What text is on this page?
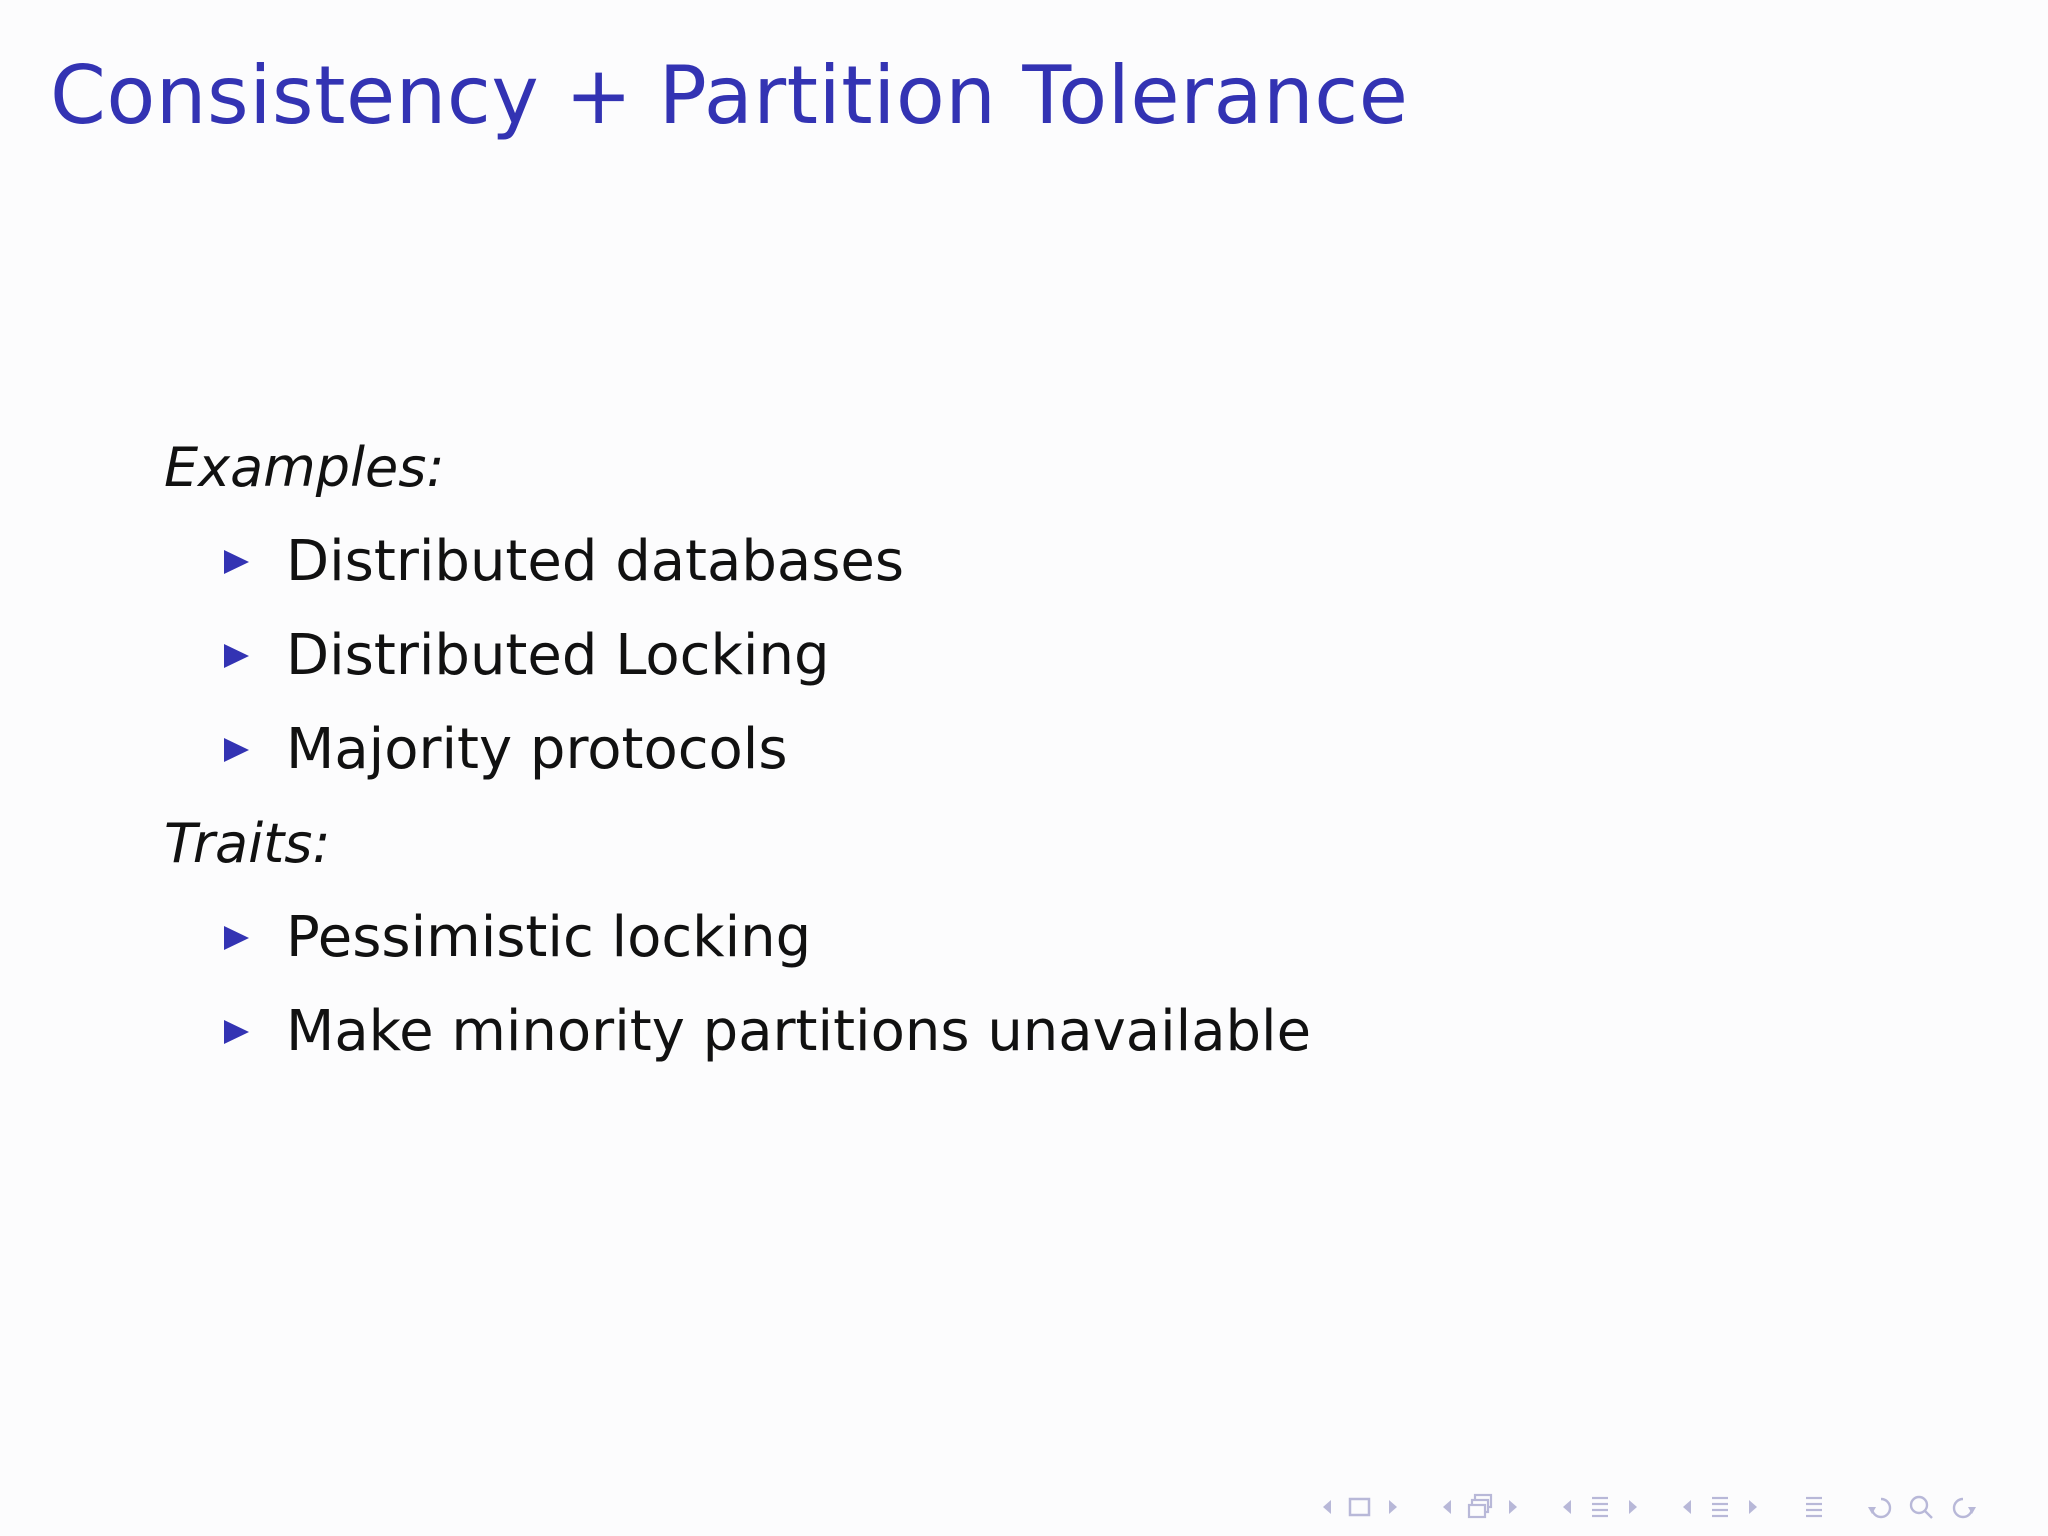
Consistency + Partition Tolerance
Examples:
Distributed databases
Distributed Locking
Majority protocols
Traits:
Pessimistic locking
Make minority partitions unavailable
